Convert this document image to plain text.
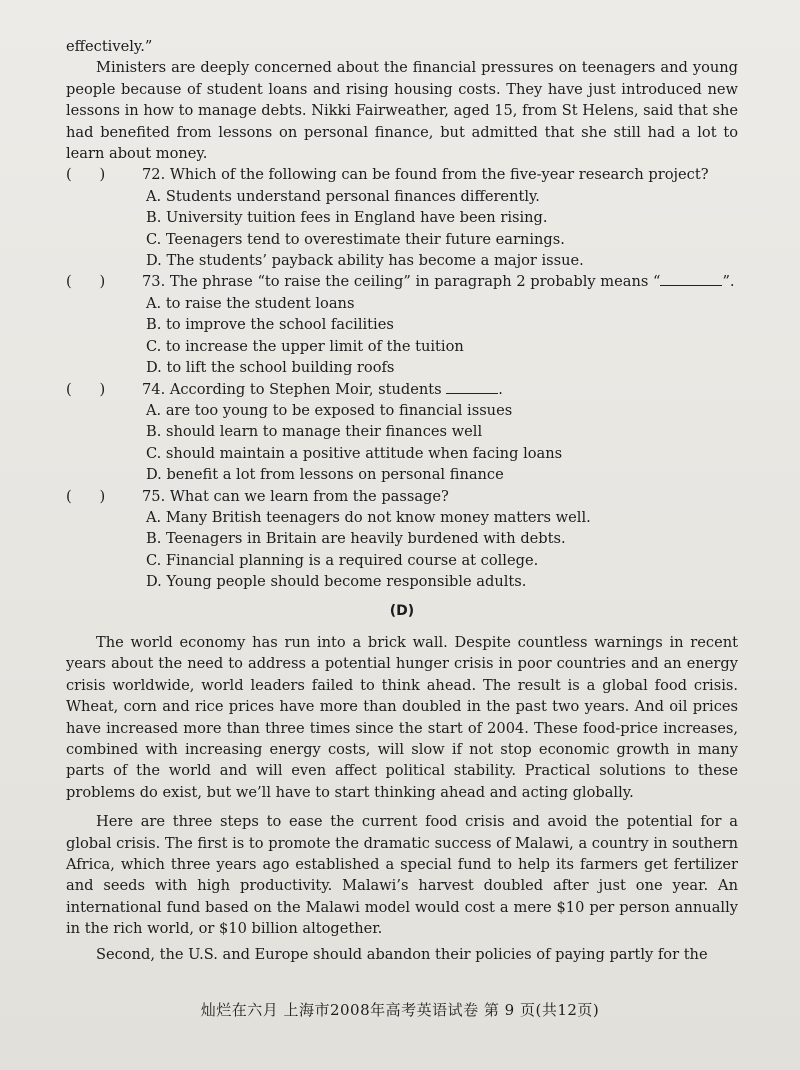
effectively.”

Ministers are deeply concerned about the financial pressures on teenagers and young people because of student loans and rising housing costs. They have just introduced new lessons in how to manage debts. Nikki Fairweather, aged 15, from St Helens, said that she had benefited from lessons on personal finance, but admitted that she still had a lot to learn about money.

(      )	72. Which of the following can be found from the five-year research project?

A. Students understand personal finances differently.
B. University tuition fees in England have been rising.
C. Teenagers tend to overestimate their future earnings.
D. The students’ payback ability has become a major issue.

(      )	73. The phrase “to raise the ceiling” in paragraph 2 probably means “	”.

A. to raise the student loans
B. to improve the school facilities
C. to increase the upper limit of the tuition
D. to lift the school building roofs

(      )	74. According to Stephen Moir, students	.

A. are too young to be exposed to financial issues
B. should learn to manage their finances well
C. should maintain a positive attitude when facing loans
D. benefit a lot from lessons on personal finance

(      )	75. What can we learn from the passage?

A. Many British teenagers do not know money matters well.
B. Teenagers in Britain are heavily burdened with debts.
C. Financial planning is a required course at college.
D. Young people should become responsible adults.
(D)

The world economy has run into a brick wall. Despite countless warnings in recent years about the need to address a potential hunger crisis in poor countries and an energy crisis worldwide, world leaders failed to think ahead. The result is a global food crisis. Wheat, corn and rice prices have more than doubled in the past two years. And oil prices have increased more than three times since the start of 2004. These food-price increases, combined with increasing energy costs, will slow if not stop economic growth in many parts of the world and will even affect political stability. Practical solutions to these problems do exist, but we’ll have to start thinking ahead and acting globally.

Here are three steps to ease the current food crisis and avoid the potential for a global crisis. The first is to promote the dramatic success of Malawi, a country in southern Africa, which three years ago established a special fund to help its farmers get fertilizer and seeds with high productivity. Malawi’s harvest doubled after just one year. An international fund based on the Malawi model would cost a mere $10 per person annually in the rich world, or $10 billion altogether.

Second, the U.S. and Europe should abandon their policies of paying partly for the

灿烂在六月 上海市2008年高考英语试卷 第 9 页(共12页)
